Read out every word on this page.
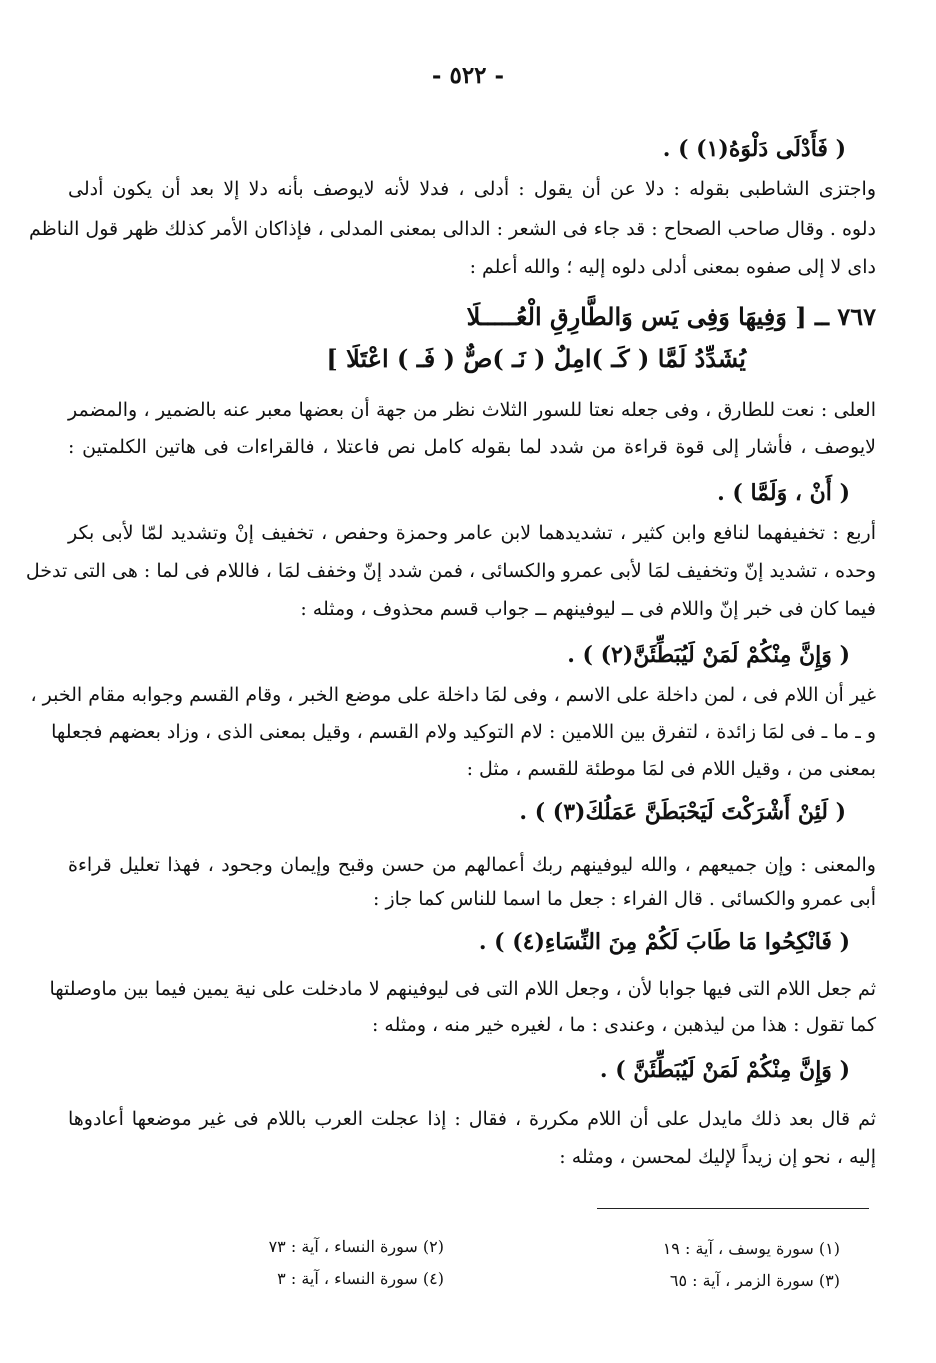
- ٥٢٢ -
( فَأَدْلَى دَلْوَهُ(١) ) .
واجتزى الشاطبى بقوله : دلا عن أن يقول : أدلى ، فدلا لأنه لايوصف بأنه دلا إلا بعد أن يكون أدلى
دلوه . وقال صاحب الصحاح : قد جاء فى الشعر : الدالى بمعنى المدلى ، فإذاكان الأمر كذلك ظهر قول الناظم
داى لا إلى صفوه بمعنى أدلى دلوه إليه ؛ والله أعلم :
٧٦٧ ــ [ وَفِيهَا وَفِى يَس وَالطَّارِقِ الْعُـــــلَا
يُشَدِّدُ لَمَّا ( كَـ )امِلٌ ( نَـ )صٌّ ( فَـ ) اعْتَلَا ]
العلى : نعت للطارق ، وفى جعله نعتا للسور الثلاث نظر من جهة أن بعضها معبر عنه بالضمير ، والمضمر
لايوصف ، فأشار إلى قوة قراءة من شدد لما بقوله كامل نص فاعتلا ، فالقراءات فى هاتين الكلمتين :
( أَنْ ، وَلَمَّا ) .
أربع : تخفيفهما لنافع وابن كثير ، تشديدهما لابن عامر وحمزة وحفص ، تخفيف إنْ وتشديد لمّا لأبى بكر
وحده ، تشديد إنّ وتخفيف لمَا لأبى عمرو والكسائى ، فمن شدد إنّ وخفف لمَا ، فاللام فى لما : هى التى تدخل
فيما كان فى خبر إنّ واللام فى ــ ليوفينهم ــ جواب قسم محذوف ، ومثله :
( وَإِنَّ مِنْكُمْ لَمَنْ لَيُبَطِّئَنَّ(٢) ) .
غير أن اللام فى ، لمن داخلة على الاسم ، وفى لمَا داخلة على موضع الخبر ، وقام القسم وجوابه مقام الخبر ،
و ـ ما ـ فى لمَا زائدة ، لتفرق بين اللامين : لام التوكيد ولام القسم ، وقيل بمعنى الذى ، وزاد بعضهم فجعلها
بمعنى من ، وقيل اللام فى لمَا موطئة للقسم ، مثل :
( لَئِنْ أَشْرَكْتَ لَيَحْبَطَنَّ عَمَلُكَ(٣) ) .
والمعنى : وإن جميعهم ، والله ليوفينهم ربك أعمالهم من حسن وقبح وإيمان وجحود ، فهذا تعليل قراءة
أبى عمرو والكسائى . قال الفراء : جعل ما اسما للناس كما جاز :
( فَانْكِحُوا مَا طَابَ لَكُمْ مِنَ النِّسَاءِ(٤) ) .
ثم جعل اللام التى فيها جوابا لأن ، وجعل اللام التى فى ليوفينهم لا مادخلت على نية يمين فيما بين ماوصلتها
كما تقول : هذا من ليذهبن ، وعندى : ما ، لغيره خير منه ، ومثله :
( وَإِنَّ مِنْكُمْ لَمَنْ لَيُبَطِّئَنَّ ) .
ثم قال بعد ذلك مايدل على أن اللام مكررة ، فقال : إذا عجلت العرب باللام فى غير موضعها أعادوها
إليه ، نحو إن زيداً لإليك لمحسن ، ومثله :
(١) سورة يوسف ، آية : ١٩
(٢) سورة النساء ، آية : ٧٣
(٣) سورة الزمر ، آية : ٦٥
(٤) سورة النساء ، آية : ٣
